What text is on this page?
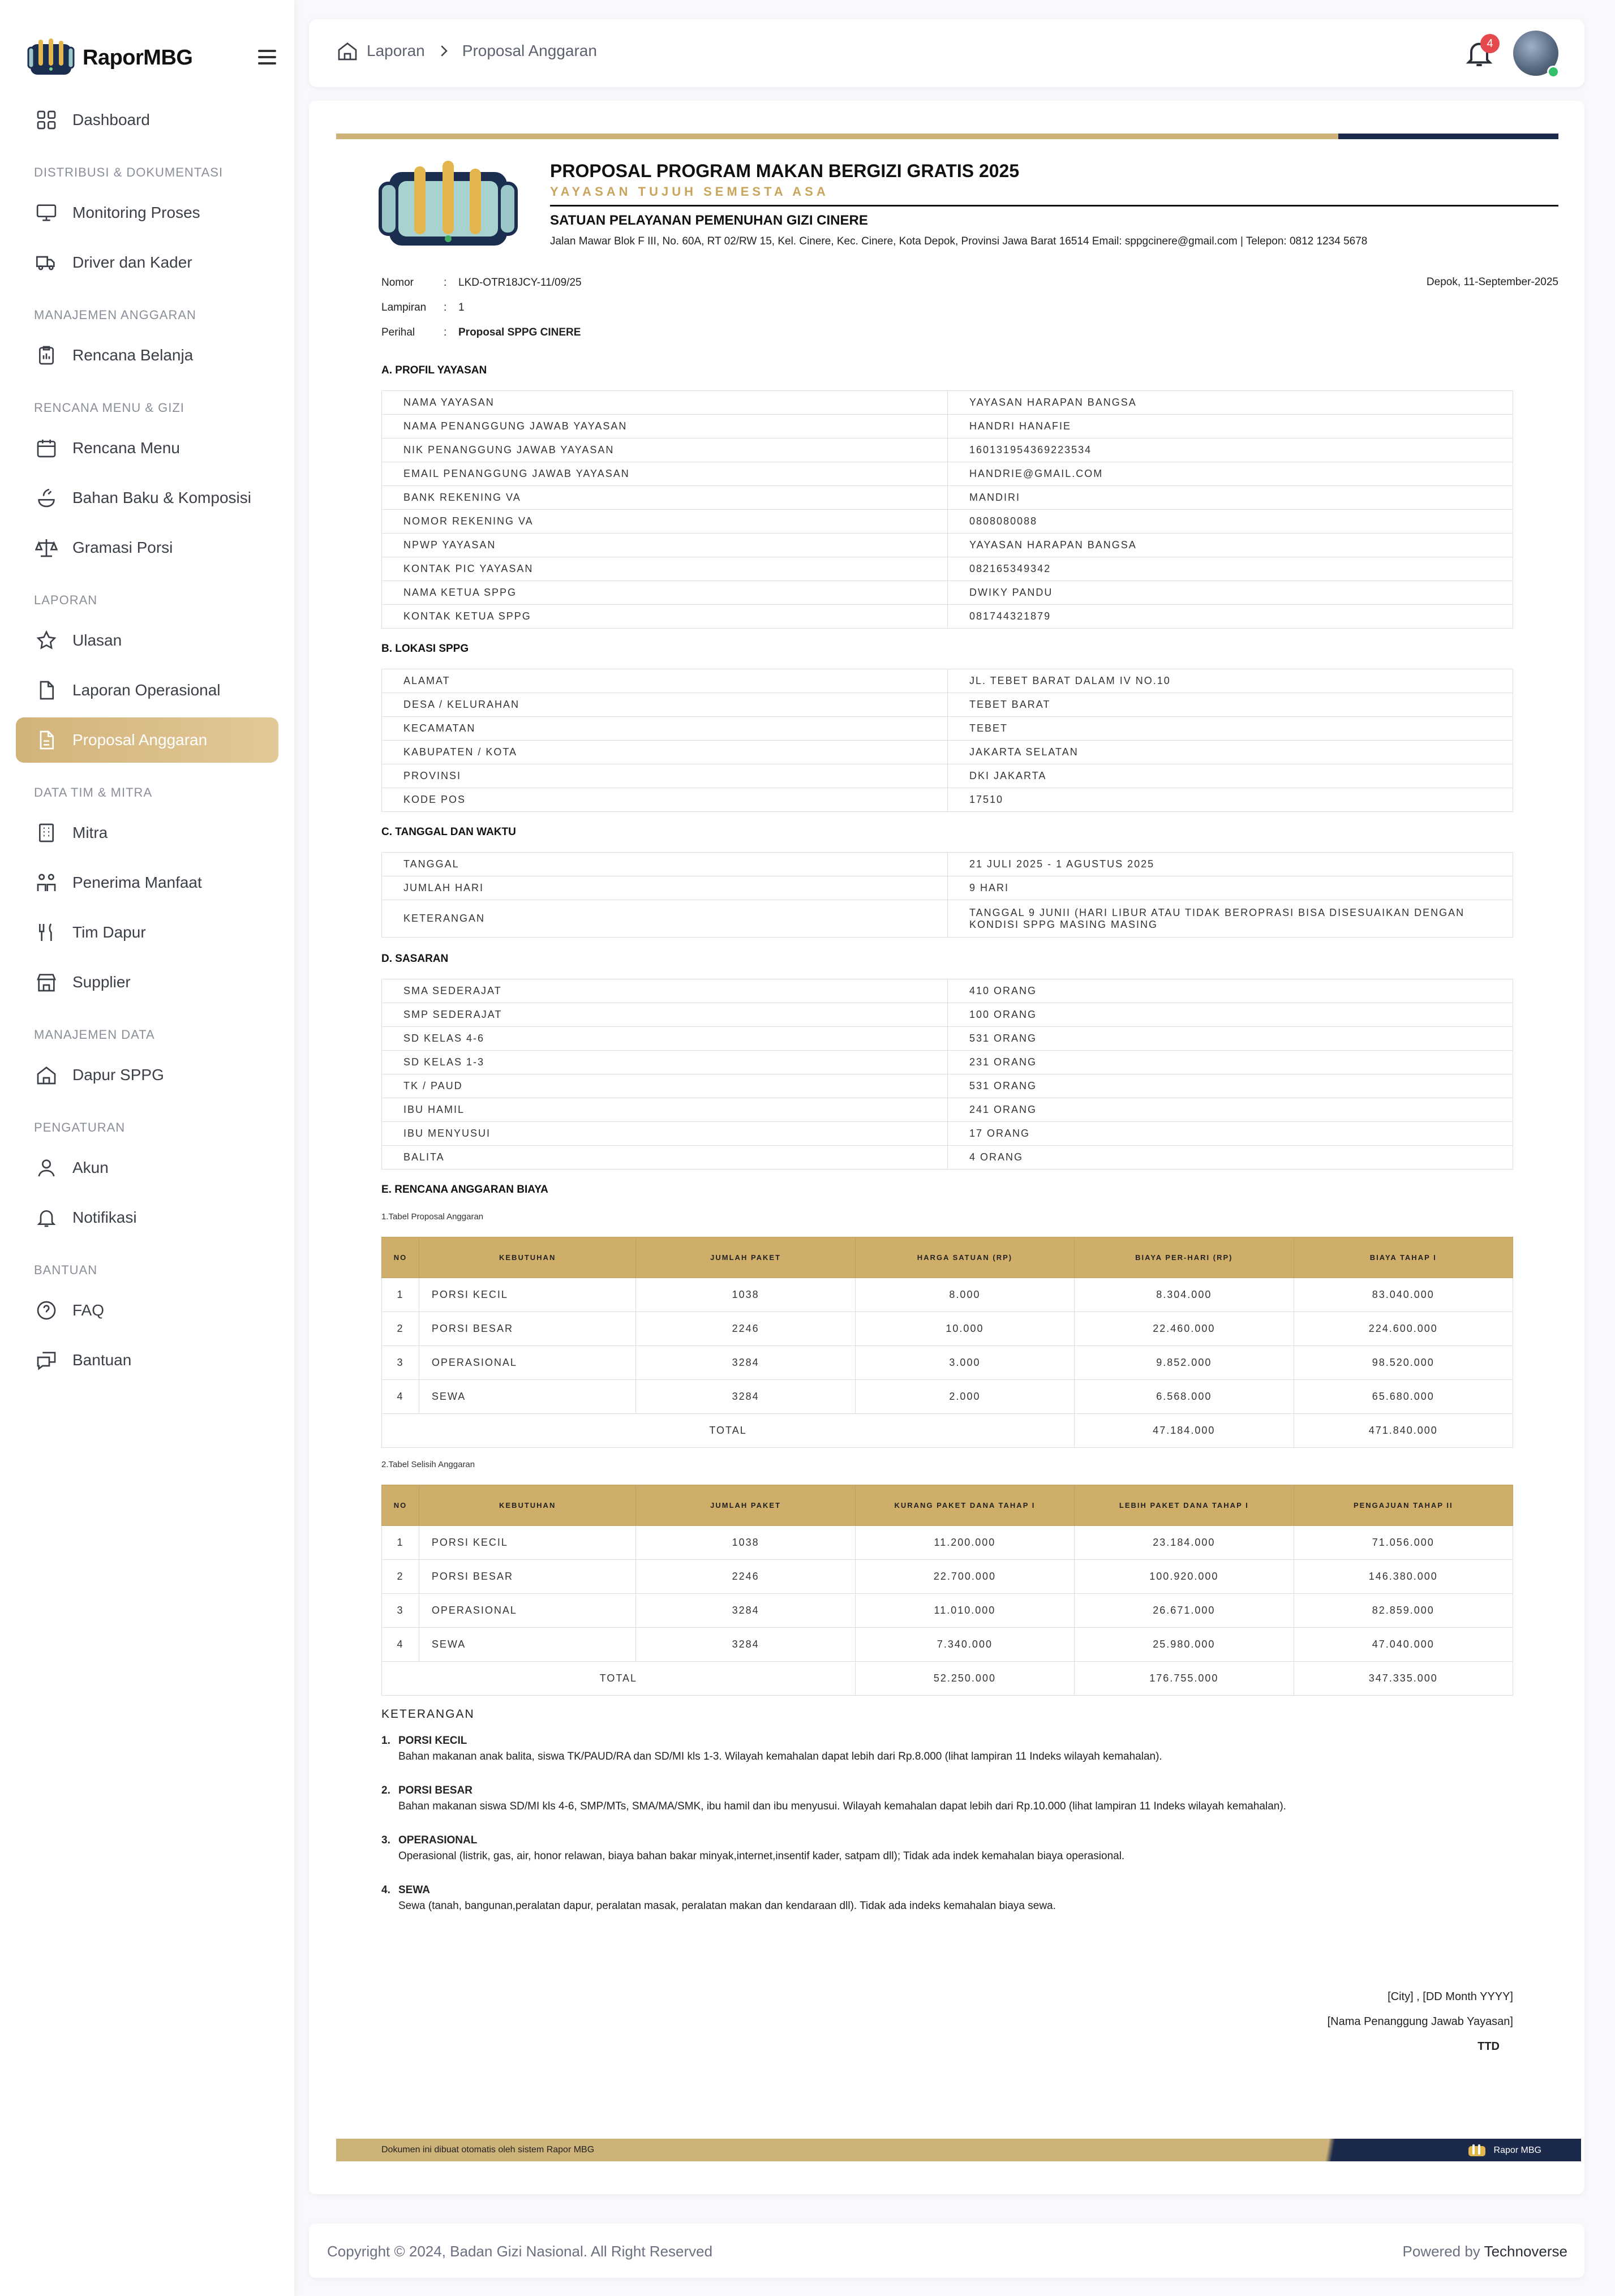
RaporMBG
Dashboard
DISTRIBUSI & DOKUMENTASI
Monitoring Proses
Driver dan Kader
MANAJEMEN ANGGARAN
Rencana Belanja
RENCANA MENU & GIZI
Rencana Menu
Bahan Baku & Komposisi
Gramasi Porsi
LAPORAN
Ulasan
Laporan Operasional
Proposal Anggaran
DATA TIM & MITRA
Mitra
Penerima Manfaat
Tim Dapur
Supplier
MANAJEMEN DATA
Dapur SPPG
PENGATURAN
Akun
Notifikasi
BANTUAN
FAQ
Bantuan
Laporan Proposal Anggaran	4
PROPOSAL PROGRAM MAKAN BERGIZI GRATIS 2025
YAYASAN TUJUH SEMESTA ASA
SATUAN PELAYANAN PEMENUHAN GIZI CINERE
Jalan Mawar Blok F III, No. 60A, RT 02/RW 15, Kel. Cinere, Kec. Cinere, Kota Depok, Provinsi Jawa Barat 16514 Email: sppgcinere@gmail.com | Telepon: 0812 1234 5678
Nomor	:	LKD-OTR18JCY-11/09/25
Lampiran	:	1
Perihal	:	Proposal SPPG CINERE
Depok, 11-September-2025
A. PROFIL YAYASAN
NAMA YAYASAN	YAYASAN HARAPAN BANGSA
NAMA PENANGGUNG JAWAB YAYASAN	HANDRI HANAFIE
NIK PENANGGUNG JAWAB YAYASAN	160131954369223534
EMAIL PENANGGUNG JAWAB YAYASAN	HANDRIE@GMAIL.COM
BANK REKENING VA	MANDIRI
NOMOR REKENING VA	0808080088
NPWP YAYASAN	YAYASAN HARAPAN BANGSA
KONTAK PIC YAYASAN	082165349342
NAMA KETUA SPPG	DWIKY PANDU
KONTAK KETUA SPPG	081744321879
B. LOKASI SPPG
ALAMAT	JL. TEBET BARAT DALAM IV NO.10
DESA / KELURAHAN	TEBET BARAT
KECAMATAN	TEBET
KABUPATEN / KOTA	JAKARTA SELATAN
PROVINSI	DKI JAKARTA
KODE POS	17510
C. TANGGAL DAN WAKTU
TANGGAL	21 JULI 2025 - 1 AGUSTUS 2025
JUMLAH HARI	9 HARI
KETERANGAN	TANGGAL 9 JUNII (HARI LIBUR ATAU TIDAK BEROPRASI BISA DISESUAIKAN DENGAN KONDISI SPPG MASING MASING
D. SASARAN
SMA SEDERAJAT	410 ORANG
SMP SEDERAJAT	100 ORANG
SD KELAS 4-6	531 ORANG
SD KELAS 1-3	231 ORANG
TK / PAUD	531 ORANG
IBU HAMIL	241 ORANG
IBU MENYUSUI	17 ORANG
BALITA	4 ORANG
E. RENCANA ANGGARAN BIAYA
1.Tabel Proposal Anggaran
NO	KEBUTUHAN	JUMLAH PAKET	HARGA SATUAN (RP)	BIAYA PER-HARI (RP)	BIAYA TAHAP I
1	PORSI KECIL	1038	8.000	8.304.000	83.040.000
2	PORSI BESAR	2246	10.000	22.460.000	224.600.000
3	OPERASIONAL	3284	3.000	9.852.000	98.520.000
4	SEWA	3284	2.000	6.568.000	65.680.000
TOTAL				47.184.000	471.840.000
2.Tabel Selisih Anggaran
NO	KEBUTUHAN	JUMLAH PAKET	KURANG PAKET DANA TAHAP I	LEBIH PAKET DANA TAHAP I	PENGAJUAN TAHAP II
1	PORSI KECIL	1038	11.200.000	23.184.000	71.056.000
2	PORSI BESAR	2246	22.700.000	100.920.000	146.380.000
3	OPERASIONAL	3284	11.010.000	26.671.000	82.859.000
4	SEWA	3284	7.340.000	25.980.000	47.040.000
TOTAL			52.250.000	176.755.000	347.335.000
KETERANGAN
1. PORSI KECIL
Bahan makanan anak balita, siswa TK/PAUD/RA dan SD/MI kls 1-3. Wilayah kemahalan dapat lebih dari Rp.8.000 (lihat lampiran 11 Indeks wilayah kemahalan).
2. PORSI BESAR
Bahan makanan siswa SD/MI kls 4-6, SMP/MTs, SMA/MA/SMK, ibu hamil dan ibu menyusui. Wilayah kemahalan dapat lebih dari Rp.10.000 (lihat lampiran 11 Indeks wilayah kemahalan).
3. OPERASIONAL
Operasional (listrik, gas, air, honor relawan, biaya bahan bakar minyak,internet,insentif kader, satpam dll); Tidak ada indek kemahalan biaya operasional.
4. SEWA
Sewa (tanah, bangunan,peralatan dapur, peralatan masak, peralatan makan dan kendaraan dll). Tidak ada indeks kemahalan biaya sewa.
[City] , [DD Month YYYY]
[Nama Penanggung Jawab Yayasan]
TTD
Dokumen ini dibuat otomatis oleh sistem Rapor MBG	Rapor MBG
Copyright © 2024, Badan Gizi Nasional. All Right Reserved	Powered by Technoverse
